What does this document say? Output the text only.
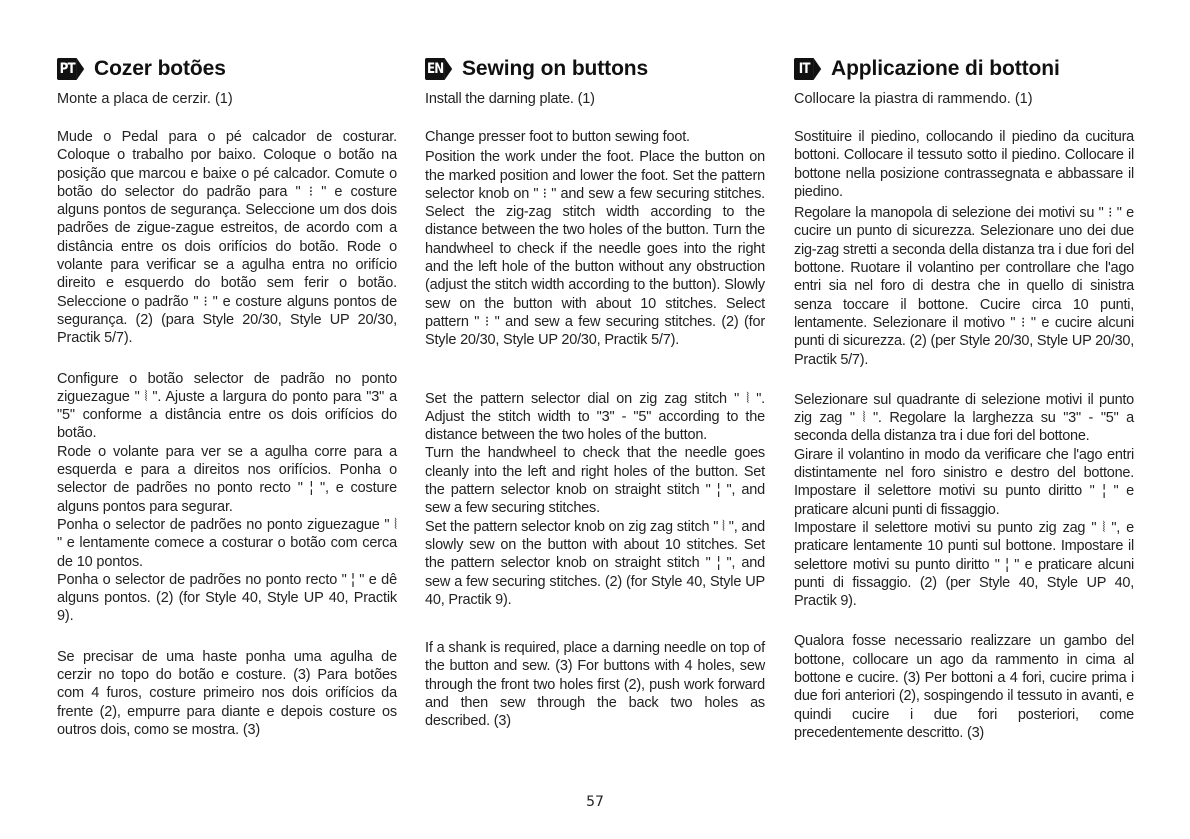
PT Cozer botões

Monte a placa de cerzir. (1)

Mude o Pedal para o pé calcador de costurar. Coloque o trabalho por baixo. Coloque o botão na posição que marcou e baixe o pé calcador. Comute o botão do selector do padrão para " ⁝ " e costure alguns pontos de segurança. Seleccione um dos dois padrões de zigue-zague estreitos, de acordo com a distância entre os dois orifícios do botão. Rode o volante para verificar se a agulha entra no orifício direito e esquerdo do botão sem ferir o botão. Seleccione o padrão " ⁝ " e costure alguns pontos de segurança. (2) (para Style 20/30, Style UP 20/30, Practik 5/7).

Configure o botão selector de padrão no ponto ziguezague " ⦚ ". Ajuste a largura do ponto para "3" a "5" conforme a distância entre os dois orifícios do botão.

Rode o volante para ver se a agulha corre para a esquerda e para a direitos nos orifícios. Ponha o selector de padrões no ponto recto " ¦ ", e costure alguns pontos para segurar.

Ponha o selector de padrões no ponto ziguezague " ⦚ " e lentamente comece a costurar o botão com cerca de 10 pontos.

Ponha o selector de padrões no ponto recto " ¦ " e dê alguns pontos. (2) (for Style 40, Style UP 40, Practik 9).

Se precisar de uma haste ponha uma agulha de cerzir no topo do botão e costure. (3) Para botões com 4 furos, costure primeiro nos dois orifícios da frente (2), empurre para diante e depois costure os outros dois, como se mostra. (3)

EN Sewing on buttons

Install the darning plate. (1)

Change presser foot to button sewing foot.

Position the work under the foot. Place the button on the marked position and lower the foot. Set the pattern selector knob on " ⁝ " and sew a few securing stitches. Select the zig-zag stitch width according to the distance between the two holes of the button. Turn the handwheel to check if the needle goes into the right and the left hole of the button without any obstruction (adjust the stitch width according to the button). Slowly sew on the button with about 10 stitches. Select pattern " ⁝ " and sew a few securing stitches. (2) (for Style 20/30, Style UP 20/30, Practik 5/7).

Set the pattern selector dial on zig zag stitch " ⦚ ". Adjust the stitch width to "3" - "5" according to the distance between the two holes of the button.

Turn the handwheel to check that the needle goes cleanly into the left and right holes of the button. Set the pattern selector knob on straight stitch " ¦ ", and sew a few securing stitches.

Set the pattern selector knob on zig zag stitch " ⦚ ", and slowly sew on the button with about 10 stitches. Set the pattern selector knob on straight stitch " ¦ ", and sew a few securing stitches. (2) (for Style 40, Style UP 40, Practik 9).

If a shank is required, place a darning needle on top of the button and sew. (3) For buttons with 4 holes, sew through the front two holes first (2), push work forward and then sew through the back two holes as described. (3)

IT Applicazione di bottoni

Collocare la piastra di rammendo. (1)

Sostituire il piedino, collocando il piedino da cucitura bottoni. Collocare il tessuto sotto il piedino. Collocare il bottone nella posizione contrassegnata e abbassare il piedino.

Regolare la manopola di selezione dei motivi su " ⁝ " e cucire un punto di sicurezza. Selezionare uno dei due zig-zag stretti a seconda della distanza tra i due fori del bottone. Ruotare il volantino per controllare che l'ago entri sia nel foro di destra che in quello di sinistra senza toccare il bottone. Cucire circa 10 punti, lentamente. Selezionare il motivo " ⁝ " e cucire alcuni punti di sicurezza. (2) (per Style 20/30, Style UP 20/30, Practik 5/7).

Selezionare sul quadrante di selezione motivi il punto zig zag " ⦚ ". Regolare la larghezza su "3" - "5" a seconda della distanza tra i due fori del bottone.

Girare il volantino in modo da verificare che l'ago entri distintamente nel foro sinistro e destro del bottone. Impostare il selettore motivi su punto diritto " ¦ " e praticare alcuni punti di fissaggio.

Impostare il selettore motivi su punto zig zag " ⦚ ", e praticare lentamente 10 punti sul bottone. Impostare il selettore motivi su punto diritto " ¦ " e praticare alcuni punti di fissaggio. (2) (per Style 40, Style UP 40, Practik 9).

Qualora fosse necessario realizzare un gambo del bottone, collocare un ago da rammento in cima al bottone e cucire. (3) Per bottoni a 4 fori, cucire prima i due fori anteriori (2), sospingendo il tessuto in avanti, e quindi cucire i due fori posteriori, come precedentemente descritto. (3)

57
